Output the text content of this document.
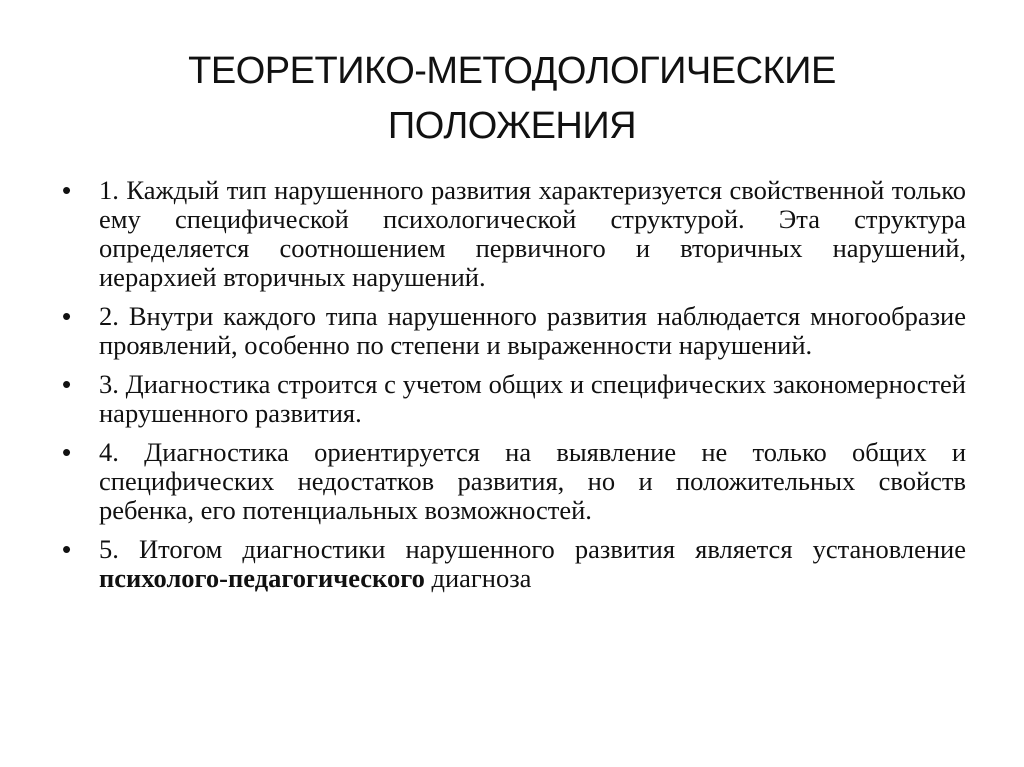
ТЕОРЕТИКО-МЕТОДОЛОГИЧЕСКИЕ
ПОЛОЖЕНИЯ
• 1. Каждый тип нарушенного развития характеризуется свойственной только ему специфической психологической структурой. Эта структура определяется соотношением первичного и вторичных нарушений, иерархией вторичных нарушений.
• 2. Внутри каждого типа нарушенного развития наблюдается многообразие проявлений, особенно по степени и выраженности нарушений.
• 3. Диагностика строится с учетом общих и специфических закономерностей нарушенного развития.
• 4. Диагностика ориентируется на выявление не только общих и специфических недостатков развития, но и положительных свойств ребенка, его потенциальных возможностей.
• 5. Итогом диагностики нарушенного развития является установление психолого-педагогического диагноза
